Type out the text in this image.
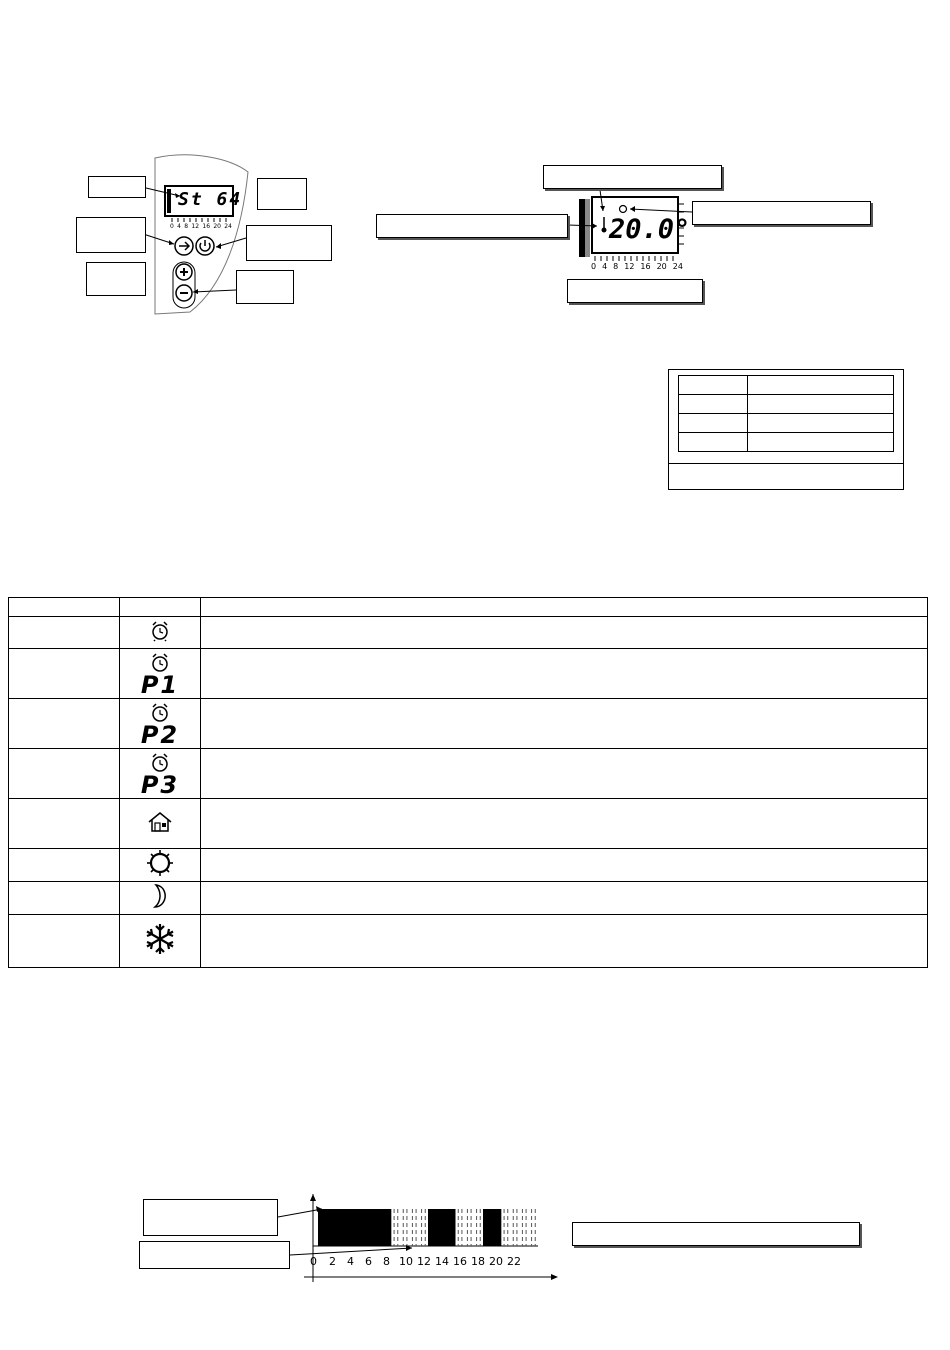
St 64
20.0°
0 4 8 12 16 20 24
0 4 8 12 16 20 24

	P1	

	P2	

	P3	

0 2 4 6 8 10 12 14 16 18 20 22
